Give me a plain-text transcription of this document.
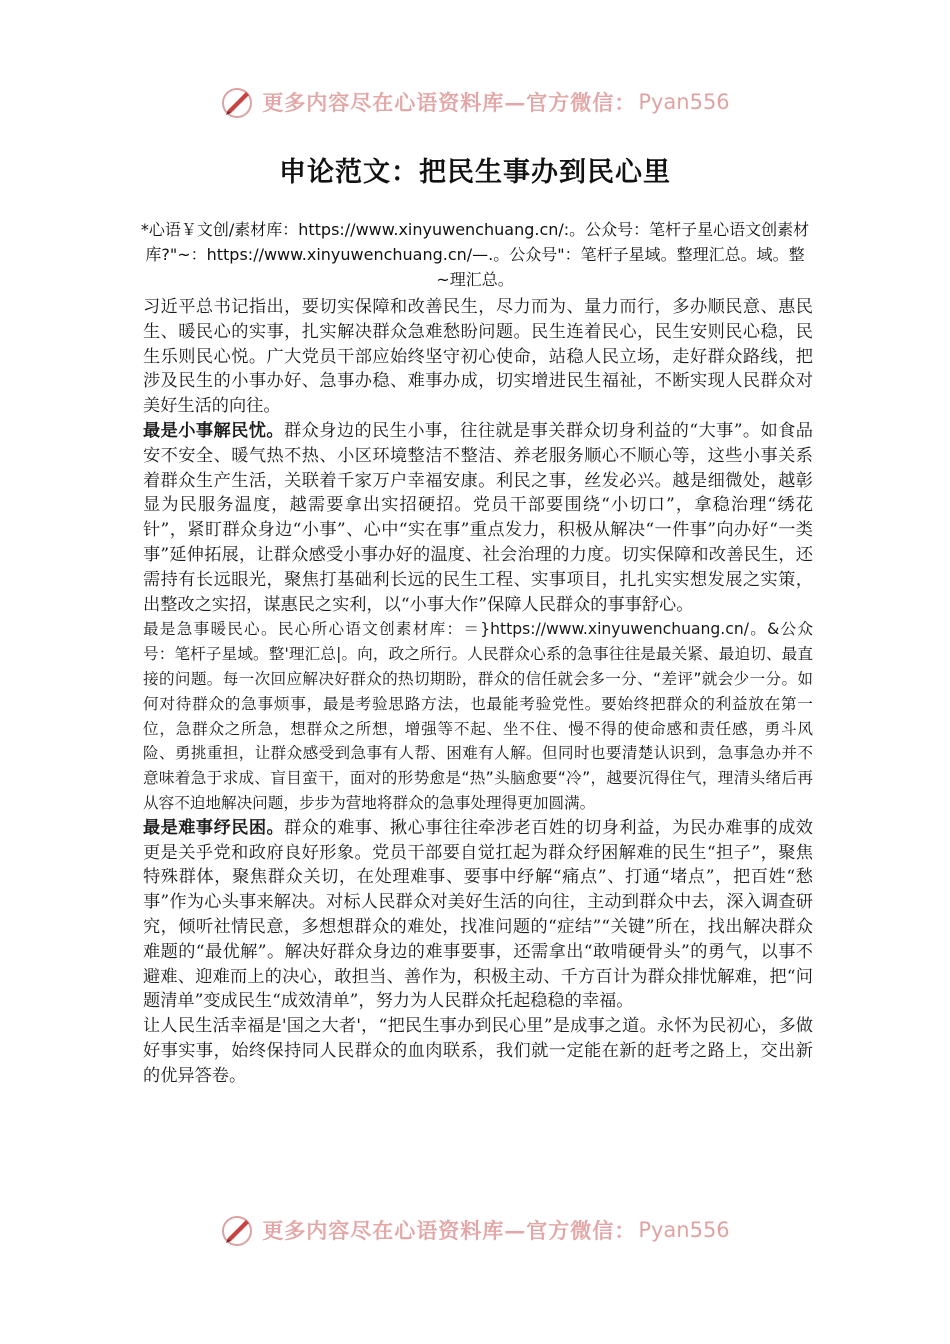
更多内容尽在心语资料库—官方微信： Pyan556
申论范文：把民生事办到民心里
*心语￥文创/素材库：https://www.xinyuwenchuang.cn/:。公众号：笔杆子星心语文创素材库?"~：https://www.xinyuwenchuang.cn/—.。公众号"：笔杆子星域。整理汇总。域。整~理汇总。

习近平总书记指出，要切实保障和改善民生，尽力而为、量力而行，多办顺民意、惠民生、暖民心的实事，扎实解决群众急难愁盼问题。民生连着民心，民生安则民心稳，民生乐则民心悦。广大党员干部应始终坚守初心使命，站稳人民立场，走好群众路线，把涉及民生的小事办好、急事办稳、难事办成，切实增进民生福祉，不断实现人民群众对美好生活的向往。

最是小事解民忧。群众身边的民生小事，往往就是事关群众切身利益的“大事”。如食品安不安全、暖气热不热、小区环境整洁不整洁、养老服务顺心不顺心等，这些小事关系着群众生产生活，关联着千家万户幸福安康。利民之事，丝发必兴。越是细微处，越彰显为民服务温度，越需要拿出实招硬招。党员干部要围绕“小切口”，拿稳治理“绣花针”，紧盯群众身边“小事”、心中“实在事”重点发力，积极从解决“一件事”向办好“一类事”延伸拓展，让群众感受小事办好的温度、社会治理的力度。切实保障和改善民生，还需持有长远眼光，聚焦打基础利长远的民生工程、实事项目，扎扎实实想发展之实策，出整改之实招，谋惠民之实利，以“小事大作”保障人民群众的事事舒心。

最是急事暖民心。民心所心语文创素材库：＝}https://www.xinyuwenchuang.cn/。&公众号：笔杆子星域。整'理汇总|。向，政之所行。人民群众心系的急事往往是最关紧、最迫切、最直接的问题。每一次回应解决好群众的热切期盼，群众的信任就会多一分、“差评”就会少一分。如何对待群众的急事烦事，最是考验思路方法，也最能考验党性。要始终把群众的利益放在第一位，急群众之所急，想群众之所想，增强等不起、坐不住、慢不得的使命感和责任感，勇斗风险、勇挑重担，让群众感受到急事有人帮、困难有人解。但同时也要清楚认识到，急事急办并不意味着急于求成、盲目蛮干，面对的形势愈是“热”头脑愈要“冷”，越要沉得住气，理清头绪后再从容不迫地解决问题，步步为营地将群众的急事处理得更加圆满。

最是难事纾民困。群众的难事、揪心事往往牵涉老百姓的切身利益，为民办难事的成效更是关乎党和政府良好形象。党员干部要自觉扛起为群众纾困解难的民生“担子”，聚焦特殊群体，聚焦群众关切，在处理难事、要事中纾解“痛点”、打通“堵点”，把百姓“愁事”作为心头事来解决。对标人民群众对美好生活的向往，主动到群众中去，深入调查研究，倾听社情民意，多想想群众的难处，找准问题的“症结”“关键”所在，找出解决群众难题的“最优解”。解决好群众身边的难事要事，还需拿出“敢啃硬骨头”的勇气，以事不避难、迎难而上的决心，敢担当、善作为，积极主动、千方百计为群众排忧解难，把“问题清单”变成民生“成效清单”，努力为人民群众托起稳稳的幸福。

让人民生活幸福是'国之大者'，“把民生事办到民心里”是成事之道。永怀为民初心，多做好事实事，始终保持同人民群众的血肉联系，我们就一定能在新的赶考之路上，交出新的优异答卷。

更多内容尽在心语资料库—官方微信： Pyan556
